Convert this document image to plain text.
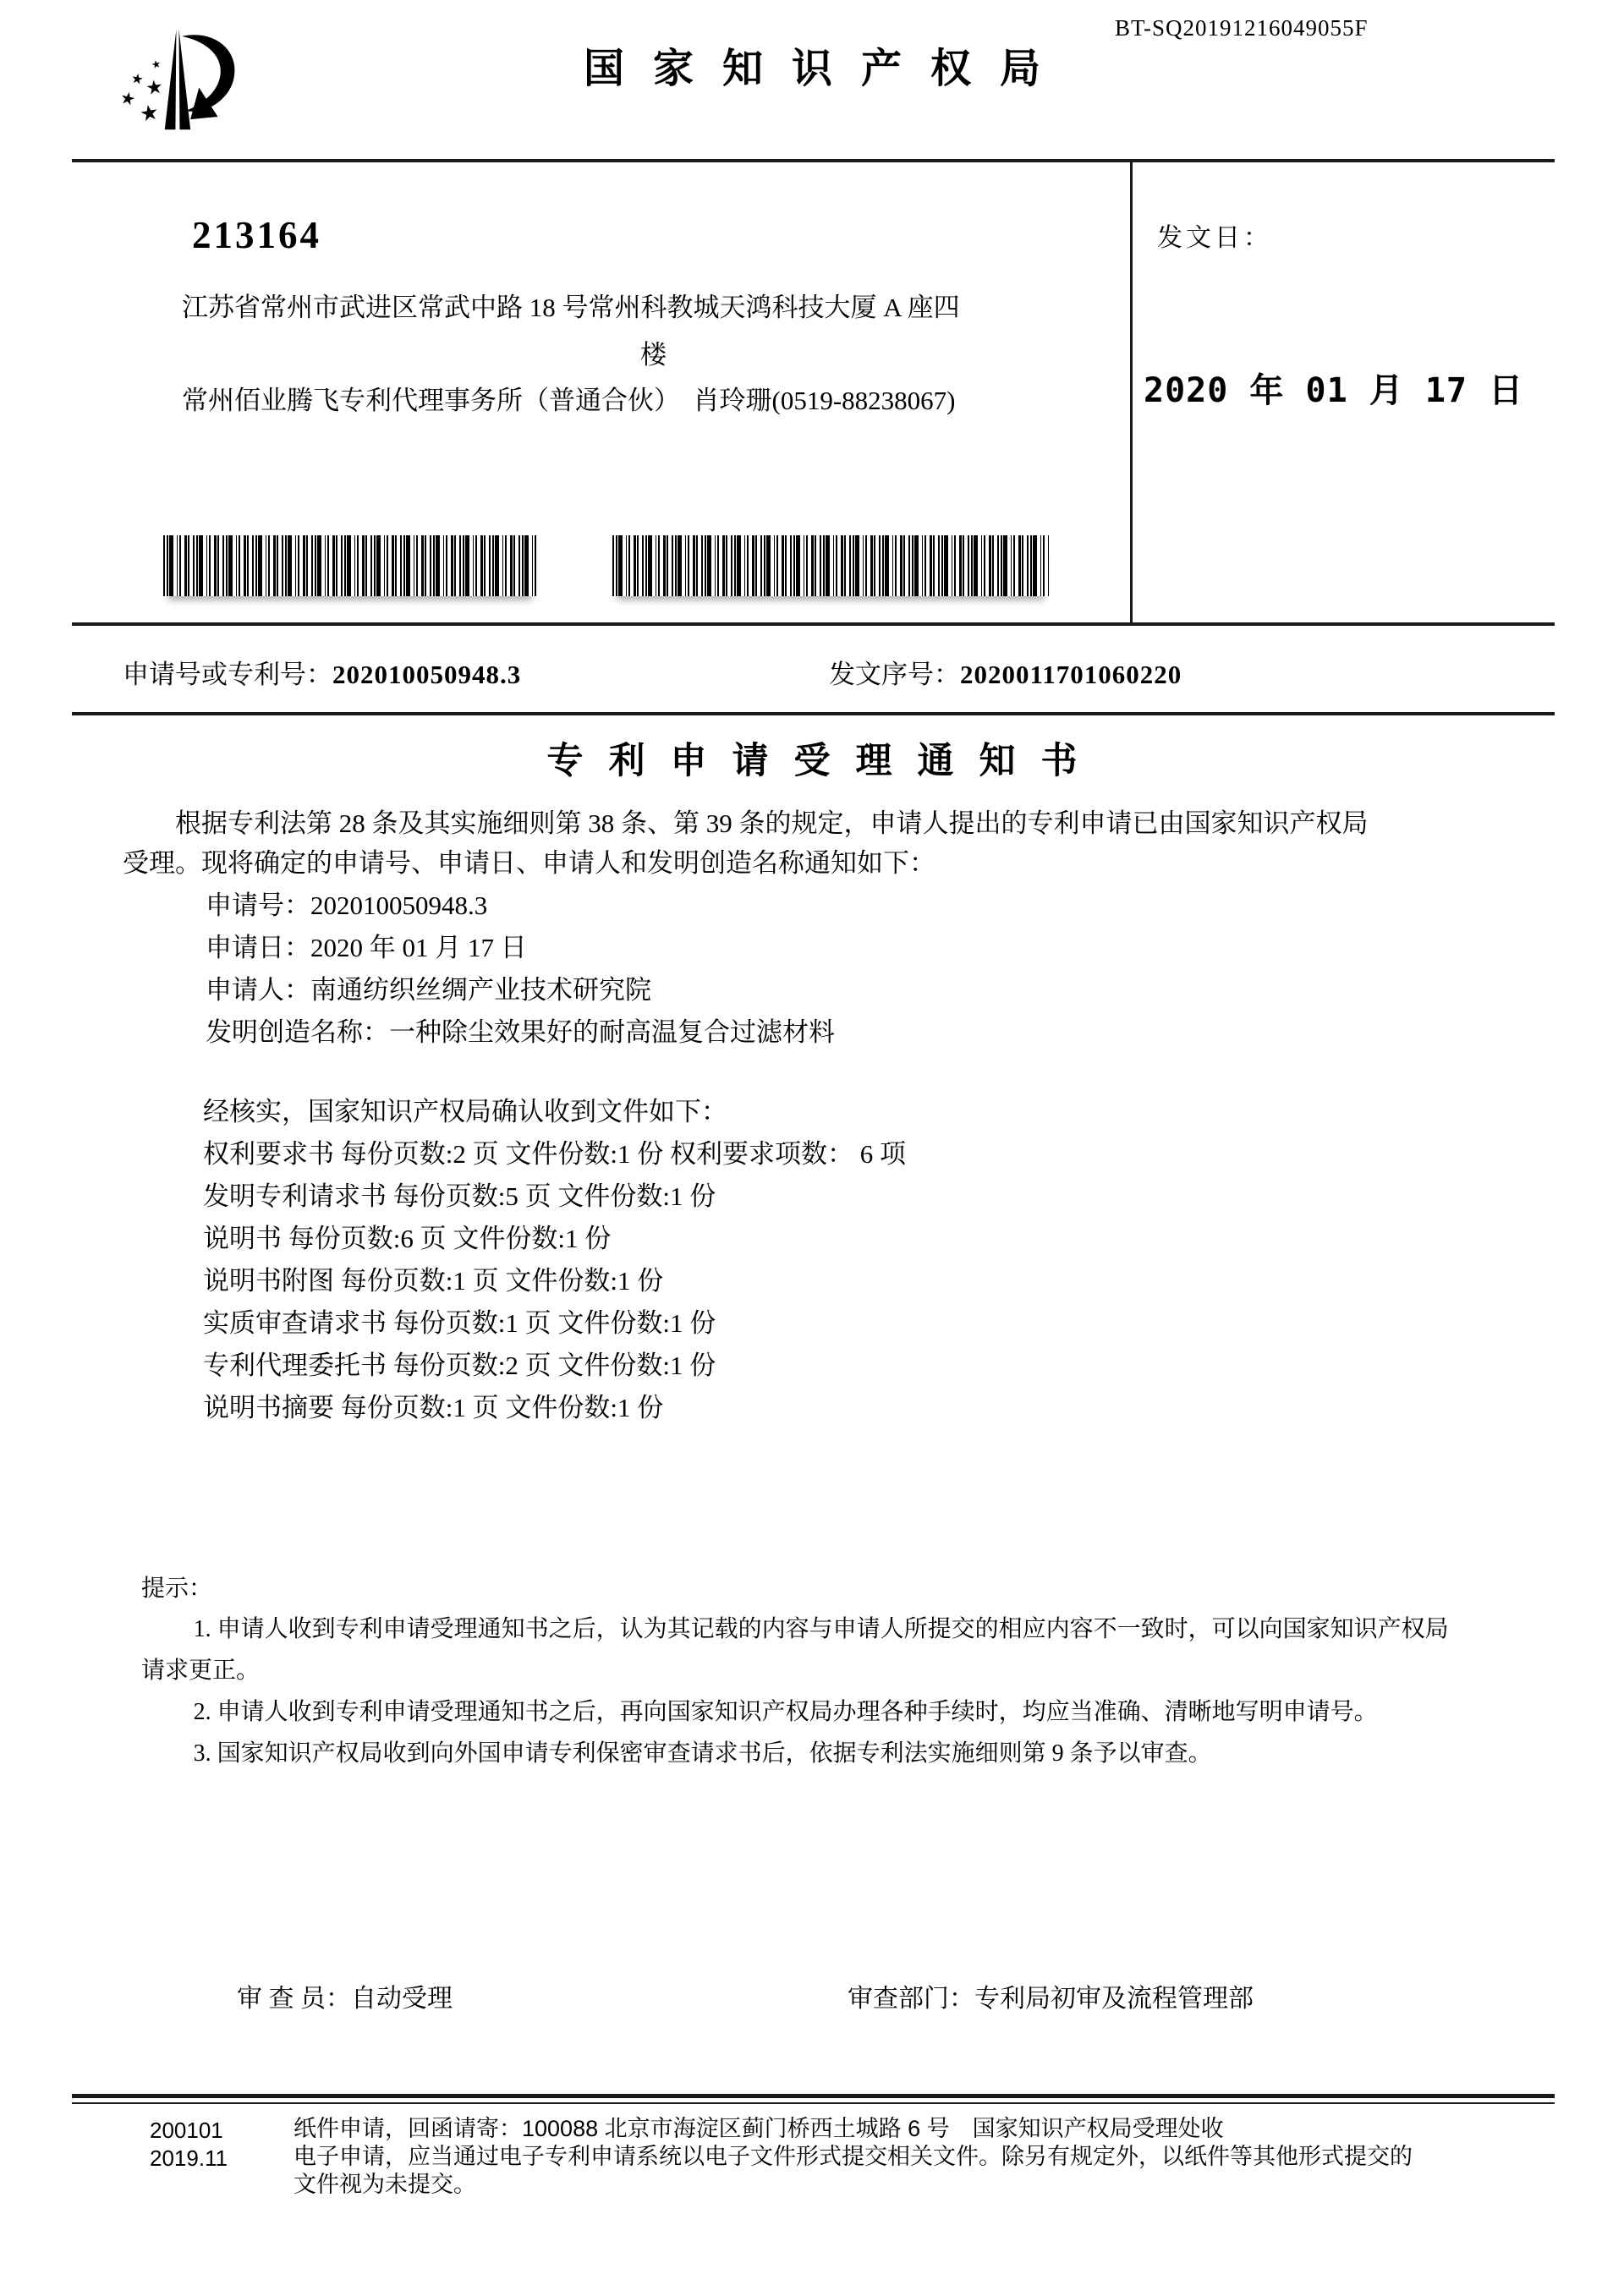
BT-SQ20191216049055F
国家知识产权局
213164
江苏省常州市武进区常武中路 18 号常州科教城天鸿科技大厦 A 座四
楼
常州佰业腾飞专利代理事务所（普通合伙）　肖玲珊(0519-88238067)
发文日：
2020 年 01 月 17 日
申请号或专利号：202010050948.3	发文序号：2020011701060220
专利申请受理通知书
根据专利法第 28 条及其实施细则第 38 条、第 39 条的规定，申请人提出的专利申请已由国家知识产权局
受理。现将确定的申请号、申请日、申请人和发明创造名称通知如下：
申请号：202010050948.3
申请日：2020 年 01 月 17 日
申请人：南通纺织丝绸产业技术研究院
发明创造名称：一种除尘效果好的耐高温复合过滤材料
经核实，国家知识产权局确认收到文件如下：
权利要求书 每份页数:2 页 文件份数:1 份 权利要求项数： 6 项
发明专利请求书 每份页数:5 页 文件份数:1 份
说明书 每份页数:6 页 文件份数:1 份
说明书附图 每份页数:1 页 文件份数:1 份
实质审查请求书 每份页数:1 页 文件份数:1 份
专利代理委托书 每份页数:2 页 文件份数:1 份
说明书摘要 每份页数:1 页 文件份数:1 份
提示：
1. 申请人收到专利申请受理通知书之后，认为其记载的内容与申请人所提交的相应内容不一致时，可以向国家知识产权局
请求更正。
2. 申请人收到专利申请受理通知书之后，再向国家知识产权局办理各种手续时，均应当准确、清晰地写明申请号。
3. 国家知识产权局收到向外国申请专利保密审查请求书后，依据专利法实施细则第 9 条予以审查。
审 查 员：自动受理	审查部门：专利局初审及流程管理部
200101
2019.11
纸件申请，回函请寄：100088 北京市海淀区蓟门桥西土城路 6 号　国家知识产权局受理处收
电子申请，应当通过电子专利申请系统以电子文件形式提交相关文件。除另有规定外，以纸件等其他形式提交的
文件视为未提交。
